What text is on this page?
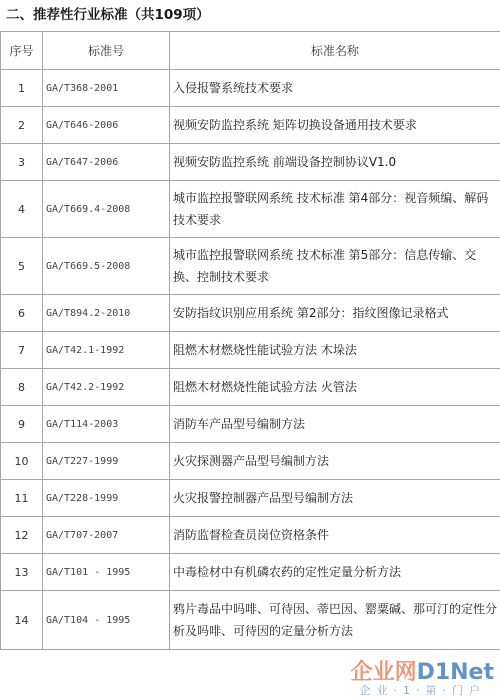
二、推荐性行业标准（共109项）
序号	标准号	标准名称
1	GA/T368-2001	入侵报警系统技术要求
2	GA/T646-2006	视频安防监控系统 矩阵切换设备通用技术要求
3	GA/T647-2006	视频安防监控系统 前端设备控制协议V1.0
4	GA/T669.4-2008	城市监控报警联网系统 技术标准 第4部分：视音频编、解码技术要求
5	GA/T669.5-2008	城市监控报警联网系统 技术标准 第5部分：信息传输、交换、控制技术要求
6	GA/T894.2-2010	安防指纹识别应用系统 第2部分：指纹图像记录格式
7	GA/T42.1-1992	阻燃木材燃烧性能试验方法 木垛法
8	GA/T42.2-1992	阻燃木材燃烧性能试验方法 火管法
9	GA/T114-2003	消防车产品型号编制方法
10	GA/T227-1999	火灾探测器产品型号编制方法
11	GA/T228-1999	火灾报警控制器产品型号编制方法
12	GA/T707-2007	消防监督检查员岗位资格条件
13	GA/T101 - 1995	中毒检材中有机磷农药的定性定量分析方法
14	GA/T104 - 1995	鸦片毒品中吗啡、可待因、蒂巴因、罂粟碱、那可汀的定性分析及吗啡、可待因的定量分析方法
企业网D1Net
企业·1·第·门户
